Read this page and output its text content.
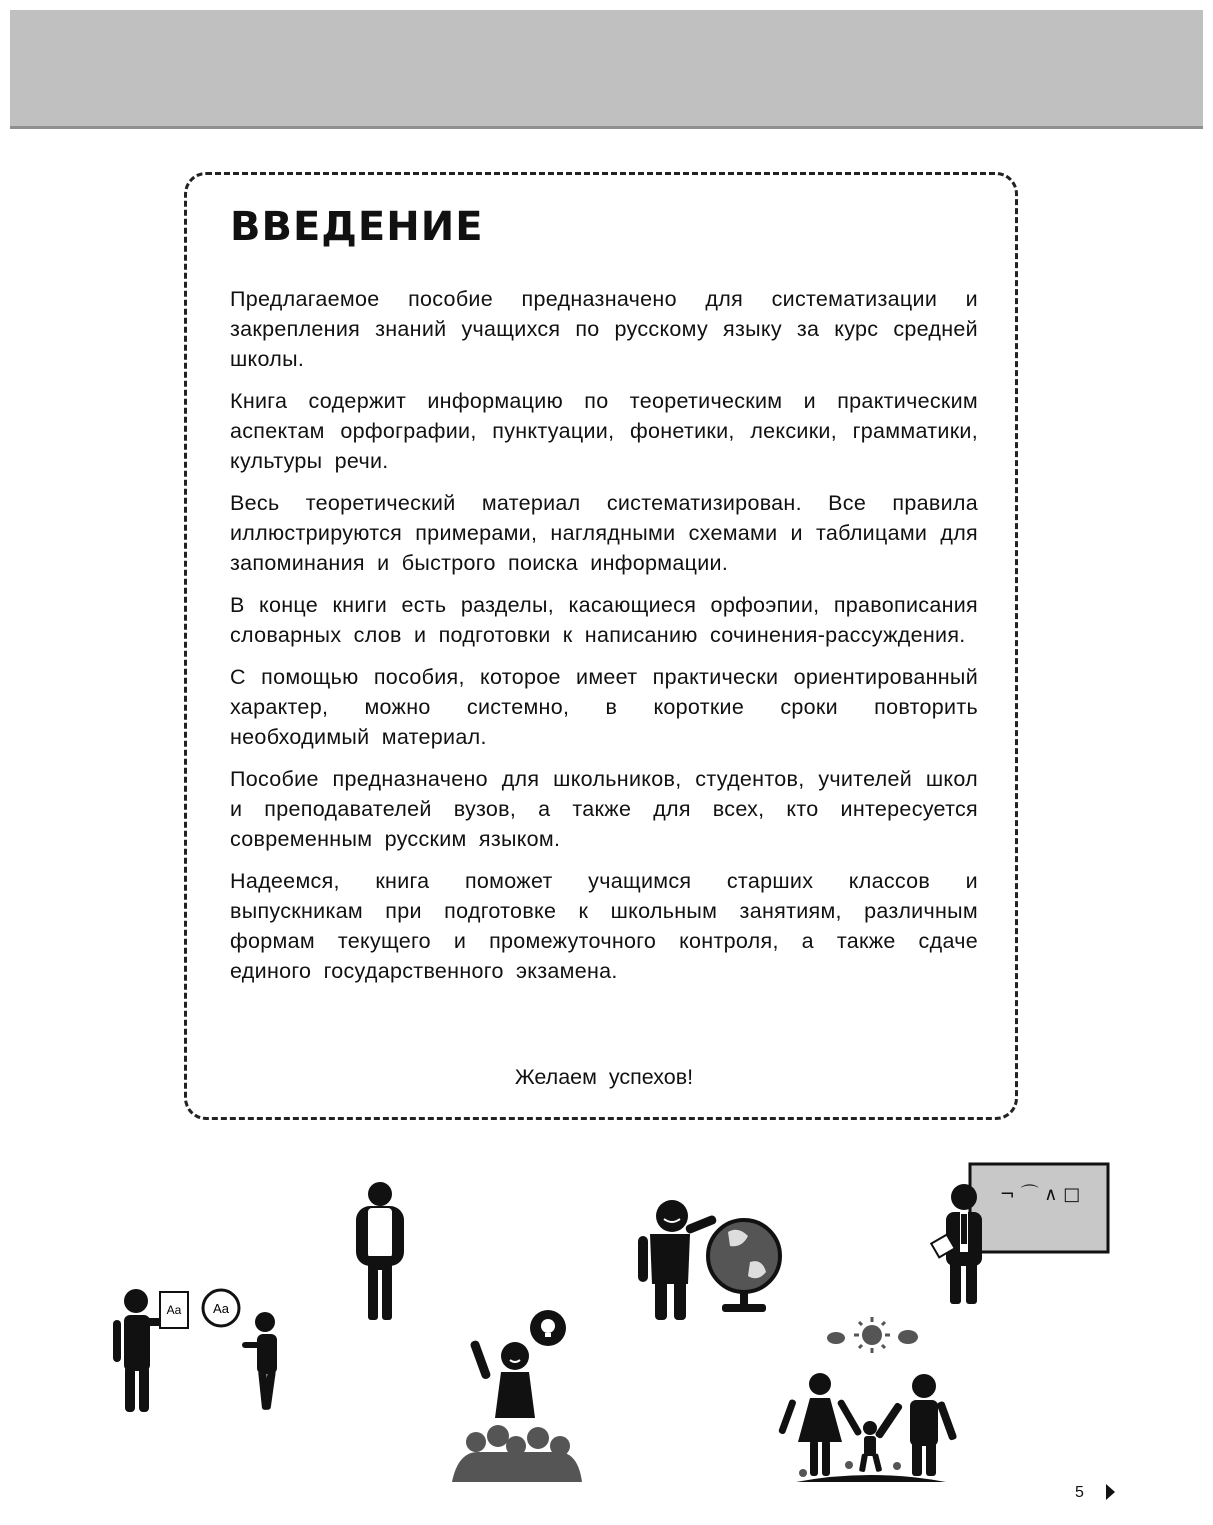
ВВЕДЕНИЕ

Предлагаемое пособие предназначено для систематизации и закрепления знаний учащихся по русскому языку за курс средней школы.

Книга содержит информацию по теоретическим и практическим аспектам орфографии, пунктуации, фонетики, лексики, грамматики, культуры речи.

Весь теоретический материал систематизирован. Все правила иллюстрируются примерами, наглядными схемами и таблицами для запоминания и быстрого поиска информации.

В конце книги есть разделы, касающиеся орфоэпии, правописания словарных слов и подготовки к написанию сочинения-рассуждения.

С помощью пособия, которое имеет практически ориентированный характер, можно системно, в короткие сроки повторить необходимый материал.

Пособие предназначено для школьников, студентов, учителей школ и преподавателей вузов, а также для всех, кто интересуется современным русским языком.

Надеемся, книга поможет учащимся старших классов и выпускникам при подготовке к школьным занятиям, различным формам текущего и промежуточного контроля, а также сдаче единого государственного экзамена.

Желаем успехов!

Aa Aa
¬ ⌒ ∧ □
5
